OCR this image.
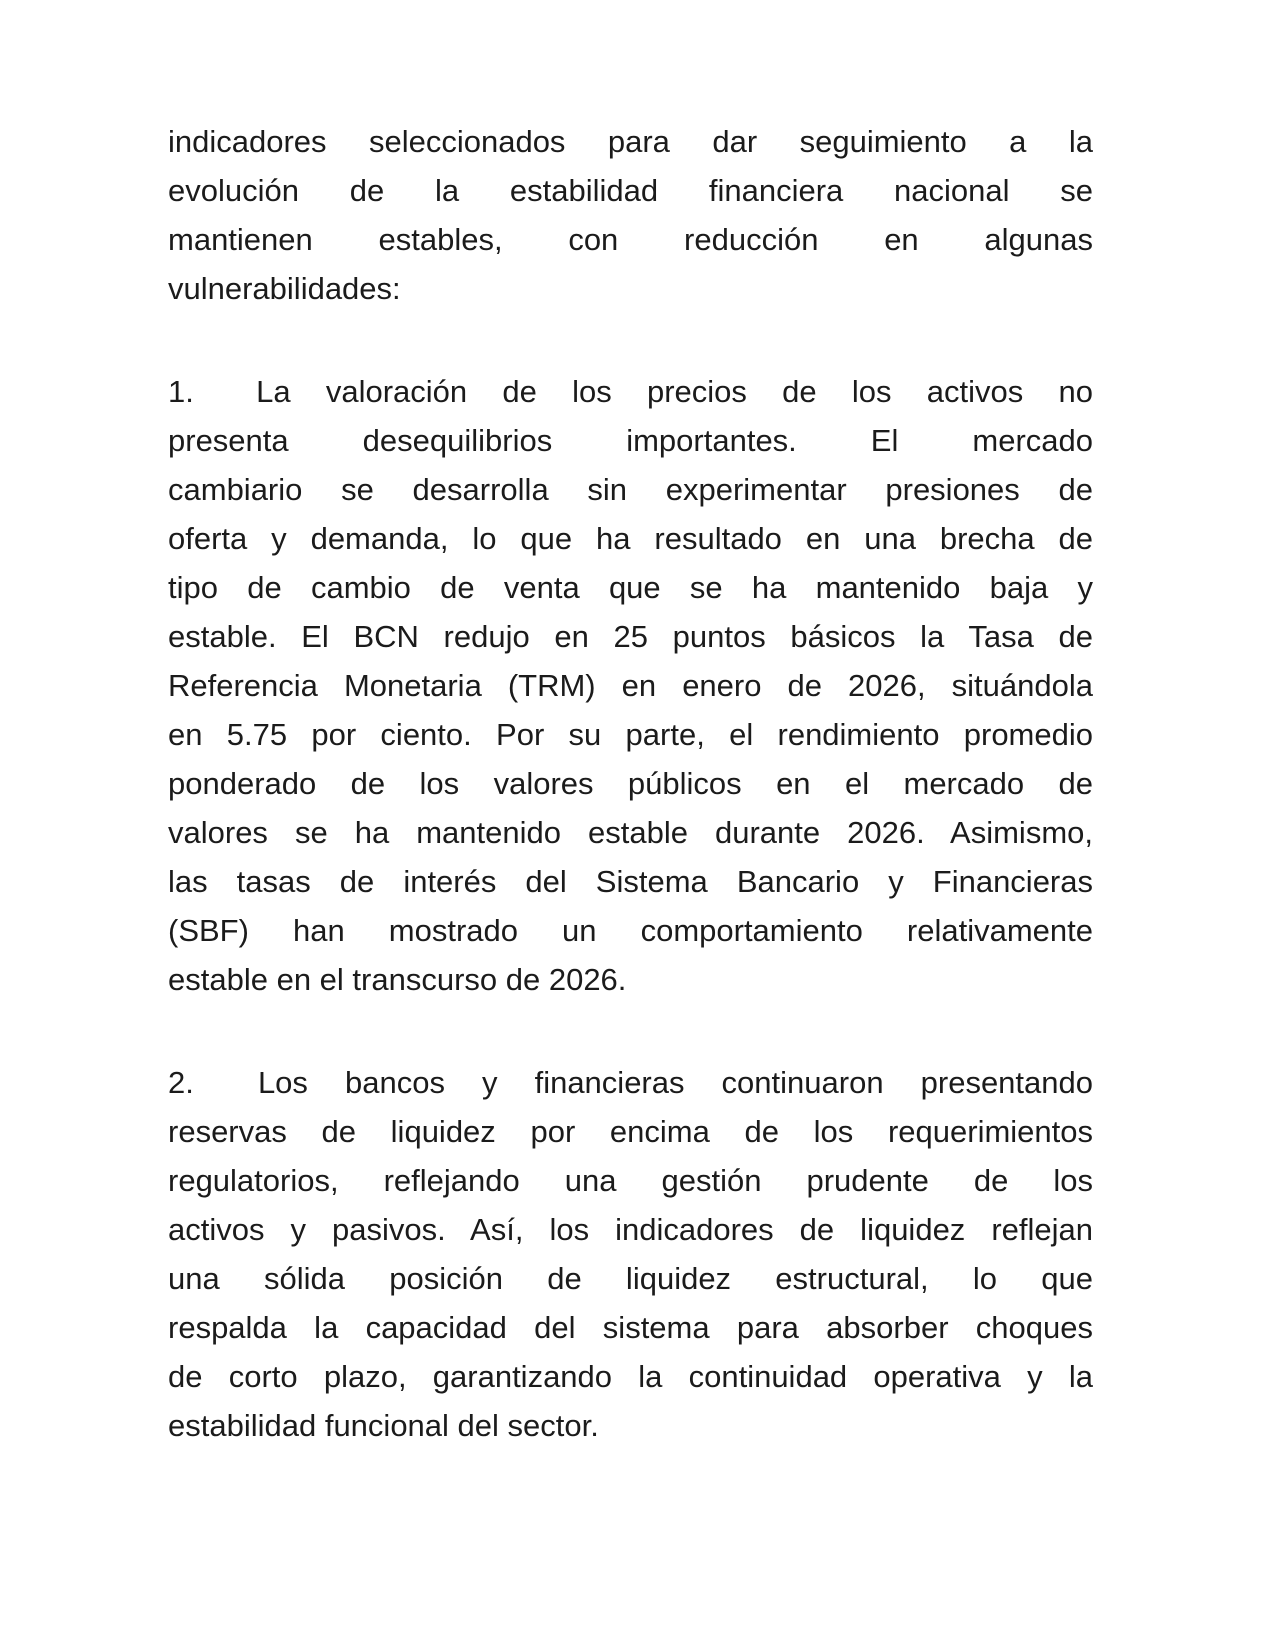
indicadores seleccionados para dar seguimiento a la
evolución de la estabilidad financiera nacional se
mantienen estables, con reducción en algunas
vulnerabilidades:
1. La valoración de los precios de los activos no
presenta desequilibrios importantes. El mercado
cambiario se desarrolla sin experimentar presiones de
oferta y demanda, lo que ha resultado en una brecha de
tipo de cambio de venta que se ha mantenido baja y
estable. El BCN redujo en 25 puntos básicos la Tasa de
Referencia Monetaria (TRM) en enero de 2026, situándola
en 5.75 por ciento. Por su parte, el rendimiento promedio
ponderado de los valores públicos en el mercado de
valores se ha mantenido estable durante 2026. Asimismo,
las tasas de interés del Sistema Bancario y Financieras
(SBF) han mostrado un comportamiento relativamente
estable en el transcurso de 2026.
2. Los bancos y financieras continuaron presentando
reservas de liquidez por encima de los requerimientos
regulatorios, reflejando una gestión prudente de los
activos y pasivos. Así, los indicadores de liquidez reflejan
una sólida posición de liquidez estructural, lo que
respalda la capacidad del sistema para absorber choques
de corto plazo, garantizando la continuidad operativa y la
estabilidad funcional del sector.
